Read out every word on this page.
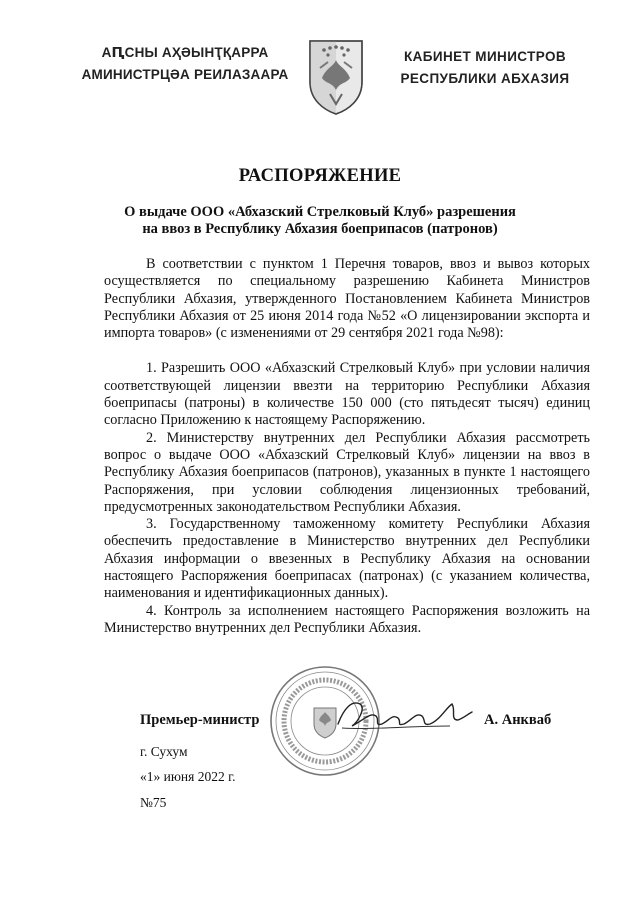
АԤСНЫ АҲӘЫНҬҚАРРА
АМИНИСТРЦӘА РЕИЛАЗААРА
КАБИНЕТ МИНИСТРОВ
РЕСПУБЛИКИ АБХАЗИЯ
РАСПОРЯЖЕНИЕ
О выдаче ООО «Абхазский Стрелковый Клуб» разрешения
на ввоз в Республику Абхазия боеприпасов (патронов)

В соответствии с пунктом 1 Перечня товаров, ввоз и вывоз которых осуществляется по специальному разрешению Кабинета Министров Республики Абхазия, утвержденного Постановлением Кабинета Министров Республики Абхазия от 25 июня 2014 года №52 «О лицензировании экспорта и импорта товаров» (с изменениями от 29 сентября 2021 года №98):

1. Разрешить ООО «Абхазский Стрелковый Клуб» при условии наличия соответствующей лицензии ввезти на территорию Республики Абхазия боеприпасы (патроны) в количестве 150 000 (сто пятьдесят тысяч) единиц согласно Приложению к настоящему Распоряжению.

2. Министерству внутренних дел Республики Абхазия рассмотреть вопрос о выдаче ООО «Абхазский Стрелковый Клуб» лицензии на ввоз в Республику Абхазия боеприпасов (патронов), указанных в пункте 1 настоящего Распоряжения, при условии соблюдения лицензионных требований, предусмотренных законодательством Республики Абхазия.

3. Государственному таможенному комитету Республики Абхазия обеспечить предоставление в Министерство внутренних дел Республики Абхазия информации о ввезенных в Республику Абхазия на основании настоящего Распоряжения боеприпасах (патронах) (с указанием количества, наименования и идентификационных данных).

4. Контроль за исполнением настоящего Распоряжения возложить на Министерство внутренних дел Республики Абхазия.

Премьер-министр	А. Анкваб
г. Сухум
«1» июня 2022 г.
№75
